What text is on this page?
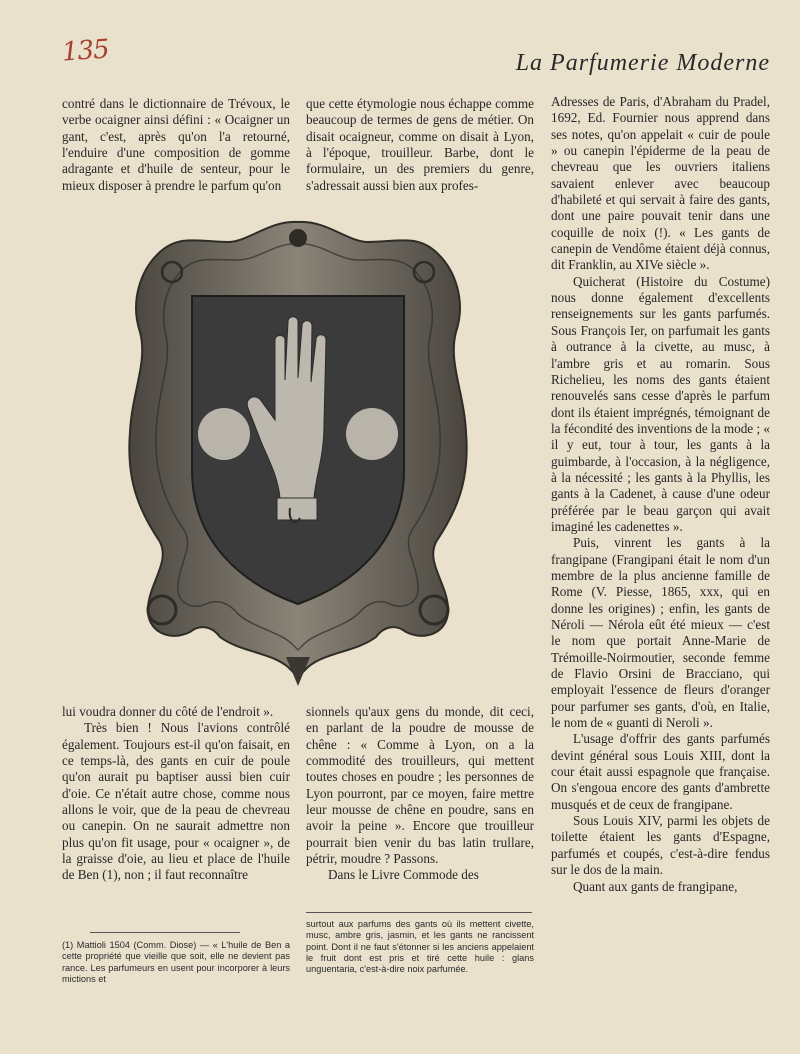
135	La Parfumerie Moderne

contré dans le dictionnaire de Trévoux, le verbe ocaigner ainsi défini : « Ocaigner un gant, c'est, après qu'on l'a retourné, l'enduire d'une composition de gomme adragante et d'huile de senteur, pour le mieux disposer à prendre le parfum qu'on

que cette étymologie nous échappe comme beaucoup de termes de gens de métier. On disait ocaigneur, comme on disait à Lyon, à l'époque, trouilleur. Barbe, dont le formulaire, un des premiers du genre, s'adressait aussi bien aux profes-

lui voudra donner du côté de l'endroit ».

Très bien ! Nous l'avions contrôlé également. Toujours est-il qu'on faisait, en ce temps-là, des gants en cuir de poule qu'on aurait pu baptiser aussi bien cuir d'oie. Ce n'était autre chose, comme nous allons le voir, que de la peau de chevreau ou canepin. On ne saurait admettre non plus qu'on fit usage, pour « ocaigner », de la graisse d'oie, au lieu et place de l'huile de Ben (1), non ; il faut reconnaître

sionnels qu'aux gens du monde, dit ceci, en parlant de la poudre de mousse de chêne : « Comme à Lyon, on a la commodité des trouilleurs, qui mettent toutes choses en poudre ; les personnes de Lyon pourront, par ce moyen, faire mettre leur mousse de chêne en poudre, sans en avoir la peine ». Encore que trouilleur pourrait bien venir du bas latin trullare, pétrir, moudre ? Passons.

Dans le Livre Commode des

Adresses de Paris, d'Abraham du Pradel, 1692, Ed. Fournier nous apprend dans ses notes, qu'on appelait « cuir de poule » ou canepin l'épiderme de la peau de chevreau que les ouvriers italiens savaient enlever avec beaucoup d'habileté et qui servait à faire des gants, dont une paire pouvait tenir dans une coquille de noix (!). « Les gants de canepin de Vendôme étaient déjà connus, dit Franklin, au XIVe siècle ».

Quicherat (Histoire du Costume) nous donne également d'excellents renseignements sur les gants parfumés. Sous François Ier, on parfumait les gants à outrance à la civette, au musc, à l'ambre gris et au romarin. Sous Richelieu, les noms des gants étaient renouvelés sans cesse d'après le parfum dont ils étaient imprégnés, témoignant de la fécondité des inventions de la mode ; « il y eut, tour à tour, les gants à la guimbarde, à l'occasion, à la négligence, à la nécessité ; les gants à la Phyllis, les gants à la Cadenet, à cause d'une odeur préférée par le beau garçon qui avait imaginé les cadenettes ».

Puis, vinrent les gants à la frangipane (Frangipani était le nom d'un membre de la plus ancienne famille de Rome (V. Piesse, 1865, xxx, qui en donne les origines) ; enfin, les gants de Néroli — Nérola eût été mieux — c'est le nom que portait Anne-Marie de Trémoille-Noirmoutier, seconde femme de Flavio Orsini de Bracciano, qui employait l'essence de fleurs d'oranger pour parfumer ses gants, d'où, en Italie, le nom de « guanti di Neroli ».

L'usage d'offrir des gants parfumés devint général sous Louis XIII, dont la cour était aussi espagnole que française. On s'engoua encore des gants d'ambrette musqués et de ceux de frangipane.

Sous Louis XIV, parmi les objets de toilette étaient les gants d'Espagne, parfumés et coupés, c'est-à-dire fendus sur le dos de la main.

Quant aux gants de frangipane,

(1) Mattioli 1504 (Comm. Diose) — « L'huile de Ben a cette propriété que vieille que soit, elle ne devient pas rance. Les parfumeurs en usent pour incorporer à leurs mictions et
surtout aux parfums des gants où ils mettent civette, musc, ambre gris, jasmin, et les gants ne rancissent point. Dont il ne faut s'étonner si les anciens appelaient le fruit dont est pris et tiré cette huile : glans unguentaria, c'est-à-dire noix parfumée.
